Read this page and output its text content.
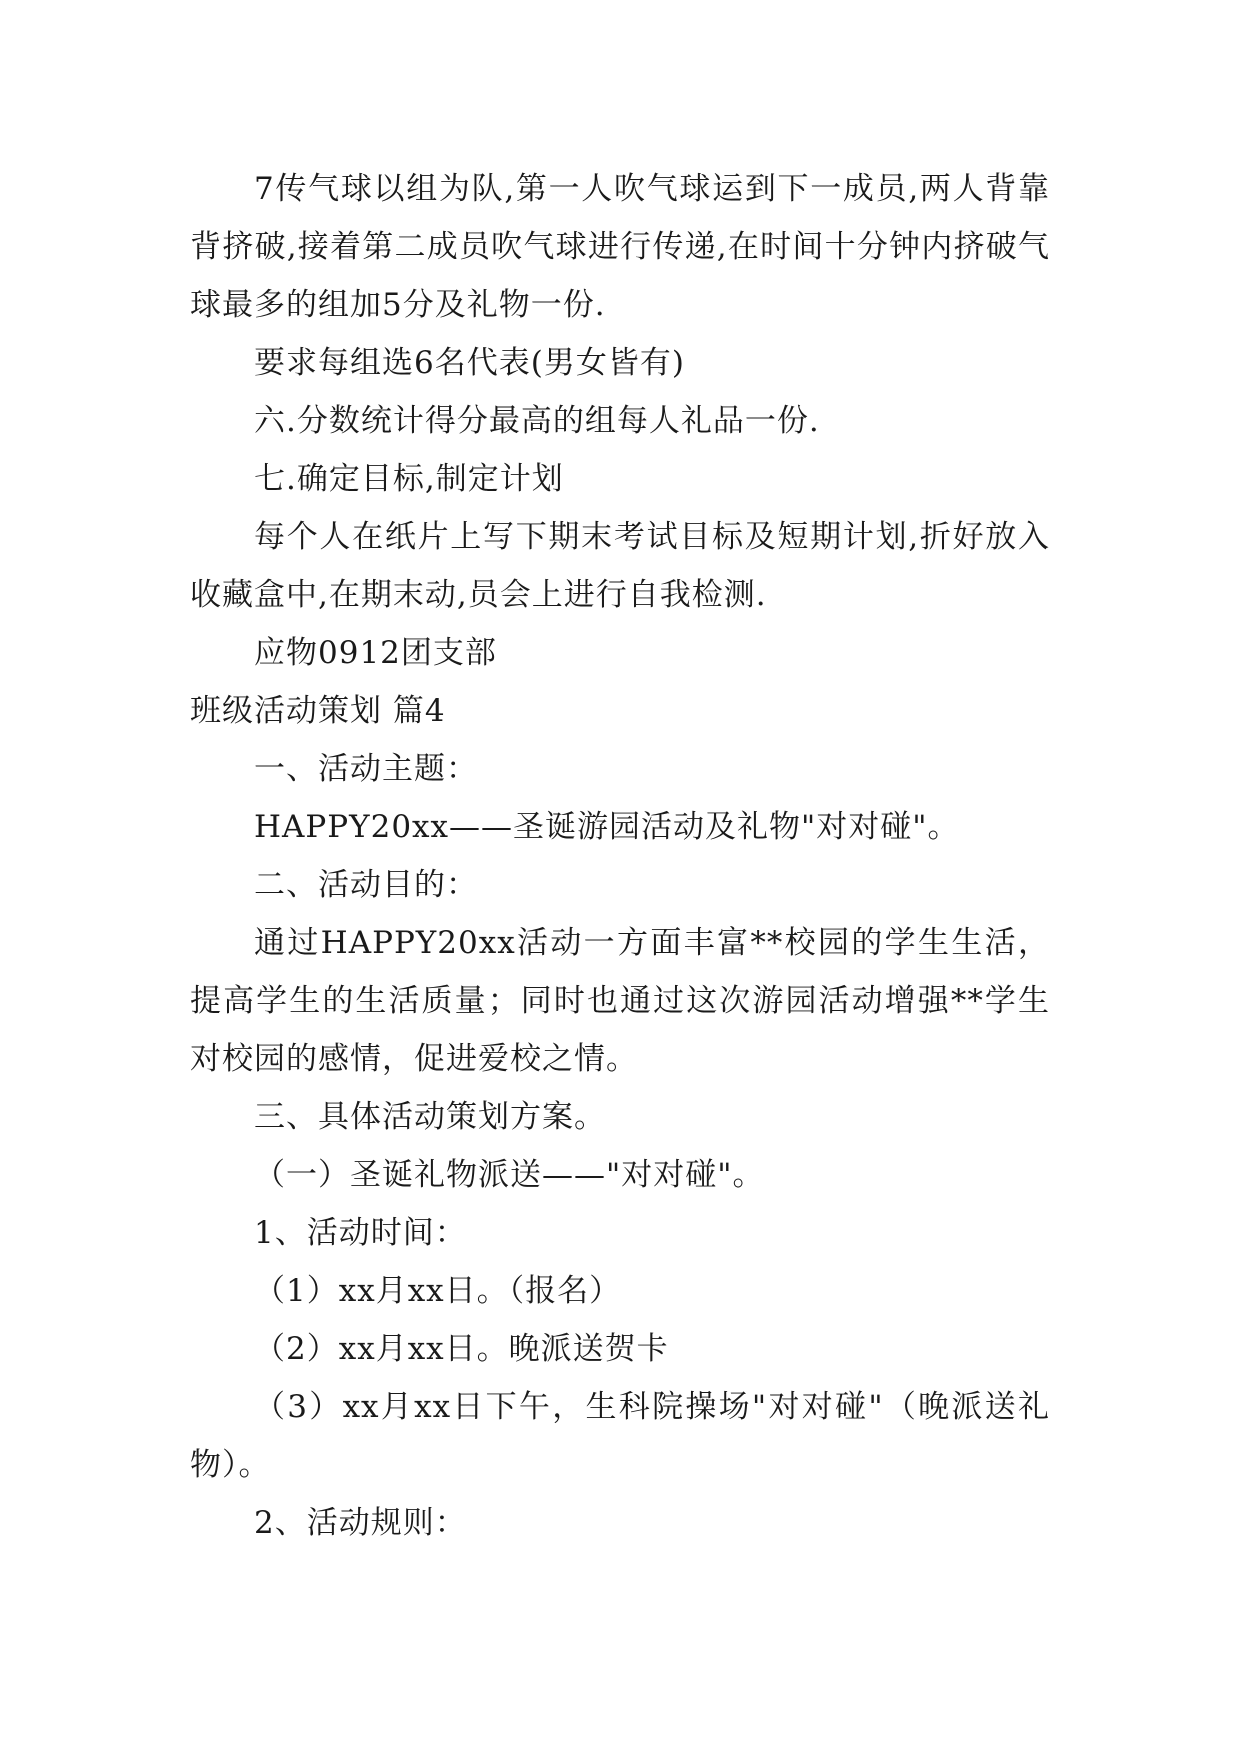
7传气球以组为队,第一人吹气球运到下一成员,两人背靠背挤破,接着第二成员吹气球进行传递,在时间十分钟内挤破气球最多的组加5分及礼物一份.

要求每组选6名代表(男女皆有)

六.分数统计得分最高的组每人礼品一份.

七.确定目标,制定计划

每个人在纸片上写下期末考试目标及短期计划,折好放入收藏盒中,在期末动,员会上进行自我检测.

应物0912团支部

班级活动策划 篇4

一、活动主题：

HAPPY20xx——圣诞游园活动及礼物"对对碰"。

二、活动目的：

通过HAPPY20xx活动一方面丰富**校园的学生生活，提高学生的生活质量；同时也通过这次游园活动增强**学生对校园的感情，促进爱校之情。

三、具体活动策划方案。

（一）圣诞礼物派送——"对对碰"。

1、活动时间：

（1）xx月xx日。（报名）

（2）xx月xx日。晚派送贺卡

（3）xx月xx日下午，生科院操场"对对碰"（晚派送礼物）。

2、活动规则：
